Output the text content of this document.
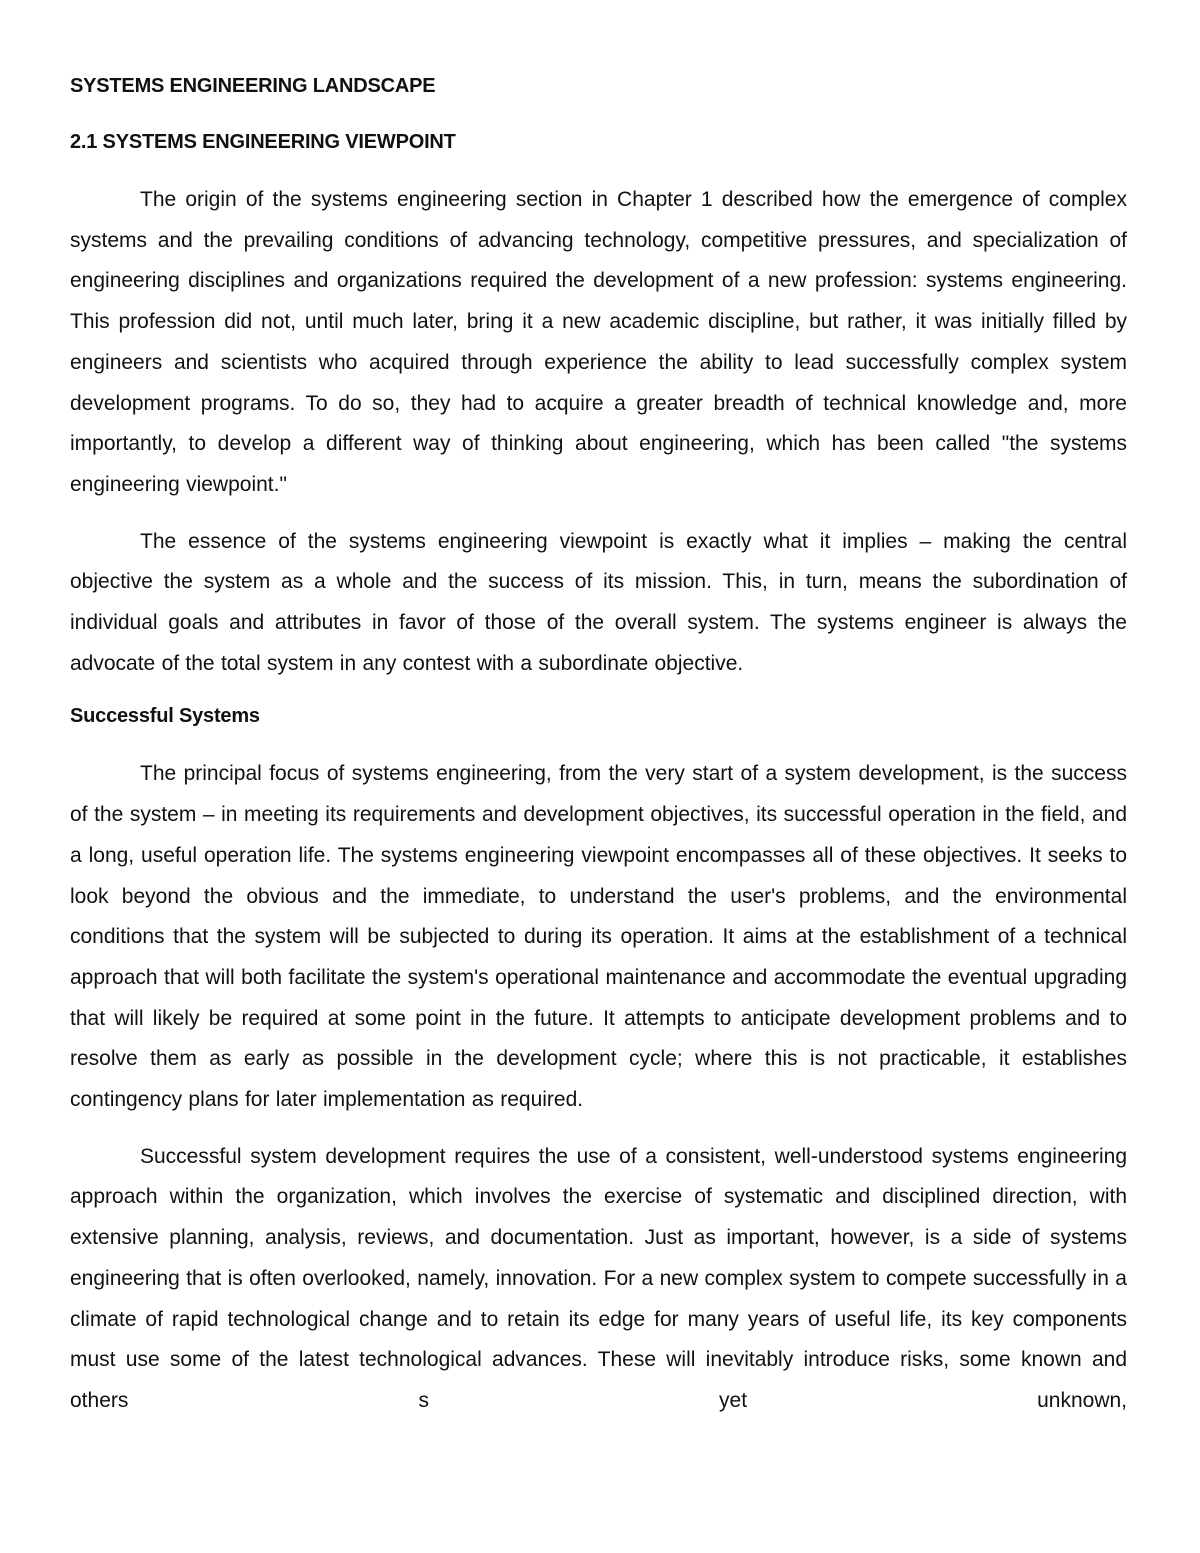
SYSTEMS ENGINEERING LANDSCAPE

2.1 SYSTEMS ENGINEERING VIEWPOINT

The origin of the systems engineering section in Chapter 1 described how the emergence of complex systems and the prevailing conditions of advancing technology, competitive pressures, and specialization of engineering disciplines and organizations required the development of a new profession: systems engineering. This profession did not, until much later, bring it a new academic discipline, but rather, it was initially filled by engineers and scientists who acquired through experience the ability to lead successfully complex system development programs. To do so, they had to acquire a greater breadth of technical knowledge and, more importantly, to develop a different way of thinking about engineering, which has been called "the systems engineering viewpoint."

The essence of the systems engineering viewpoint is exactly what it implies – making the central objective the system as a whole and the success of its mission. This, in turn, means the subordination of individual goals and attributes in favor of those of the overall system. The systems engineer is always the advocate of the total system in any contest with a subordinate objective.

Successful Systems

The principal focus of systems engineering, from the very start of a system development, is the success of the system – in meeting its requirements and development objectives, its successful operation in the field, and a long, useful operation life. The systems engineering viewpoint encompasses all of these objectives. It seeks to look beyond the obvious and the immediate, to understand the user's problems, and the environmental conditions that the system will be subjected to during its operation. It aims at the establishment of a technical approach that will both facilitate the system's operational maintenance and accommodate the eventual upgrading that will likely be required at some point in the future. It attempts to anticipate development problems and to resolve them as early as possible in the development cycle; where this is not practicable, it establishes contingency plans for later implementation as required.

Successful system development requires the use of a consistent, well-understood systems engineering approach within the organization, which involves the exercise of systematic and disciplined direction, with extensive planning, analysis, reviews, and documentation. Just as important, however, is a side of systems engineering that is often overlooked, namely, innovation. For a new complex system to compete successfully in a climate of rapid technological change and to retain its edge for many years of useful life, its key components must use some of the latest technological advances. These will inevitably introduce risks, some known and others s yet unknown,
